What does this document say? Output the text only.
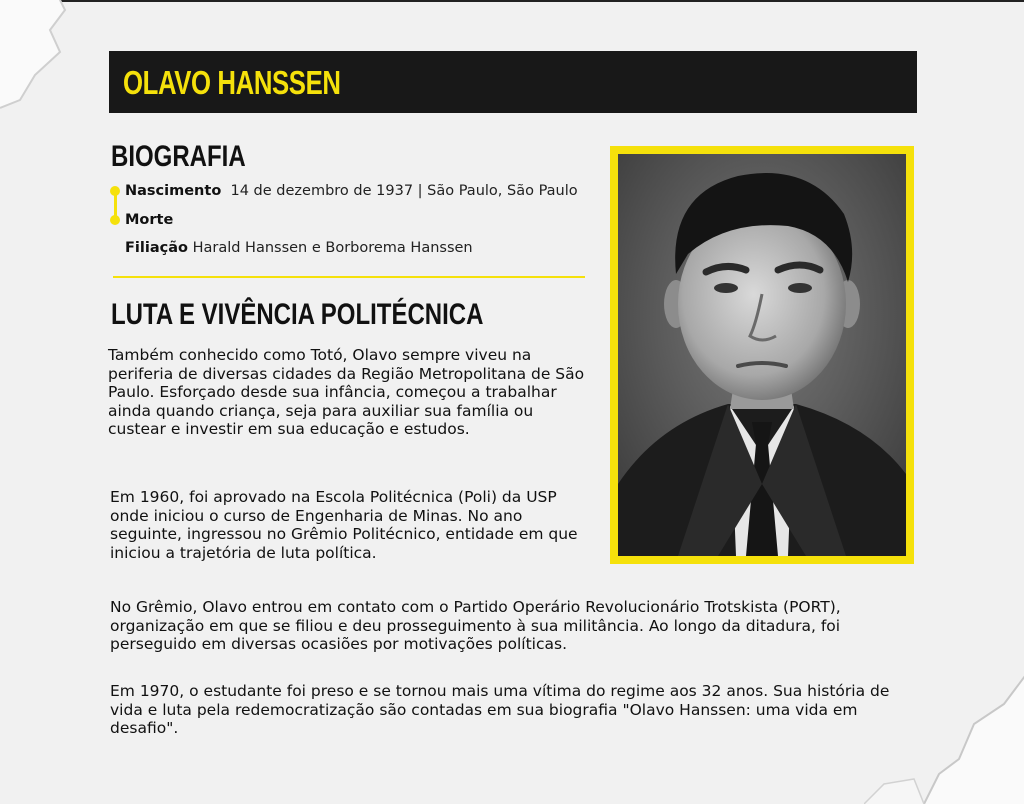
OLAVO HANSSEN
BIOGRAFIA
Nascimento 14 de dezembro de 1937 | São Paulo, São Paulo
Morte
Filiação Harald Hanssen e Borborema Hanssen
LUTA E VIVÊNCIA POLITÉCNICA

Também conhecido como Totó, Olavo sempre viveu na periferia de diversas cidades da Região Metropolitana de São Paulo. Esforçado desde sua infância, começou a trabalhar ainda quando criança, seja para auxiliar sua família ou custear e investir em sua educação e estudos.

Em 1960, foi aprovado na Escola Politécnica (Poli) da USP onde iniciou o curso de Engenharia de Minas. No ano seguinte, ingressou no Grêmio Politécnico, entidade em que iniciou a trajetória de luta política.

No Grêmio, Olavo entrou em contato com o Partido Operário Revolucionário Trotskista (PORT), organização em que se filiou e deu prosseguimento à sua militância. Ao longo da ditadura, foi perseguido em diversas ocasiões por motivações políticas.

Em 1970, o estudante foi preso e se tornou mais uma vítima do regime aos 32 anos. Sua história de vida e luta pela redemocratização são contadas em sua biografia "Olavo Hanssen: uma vida em desafio".
